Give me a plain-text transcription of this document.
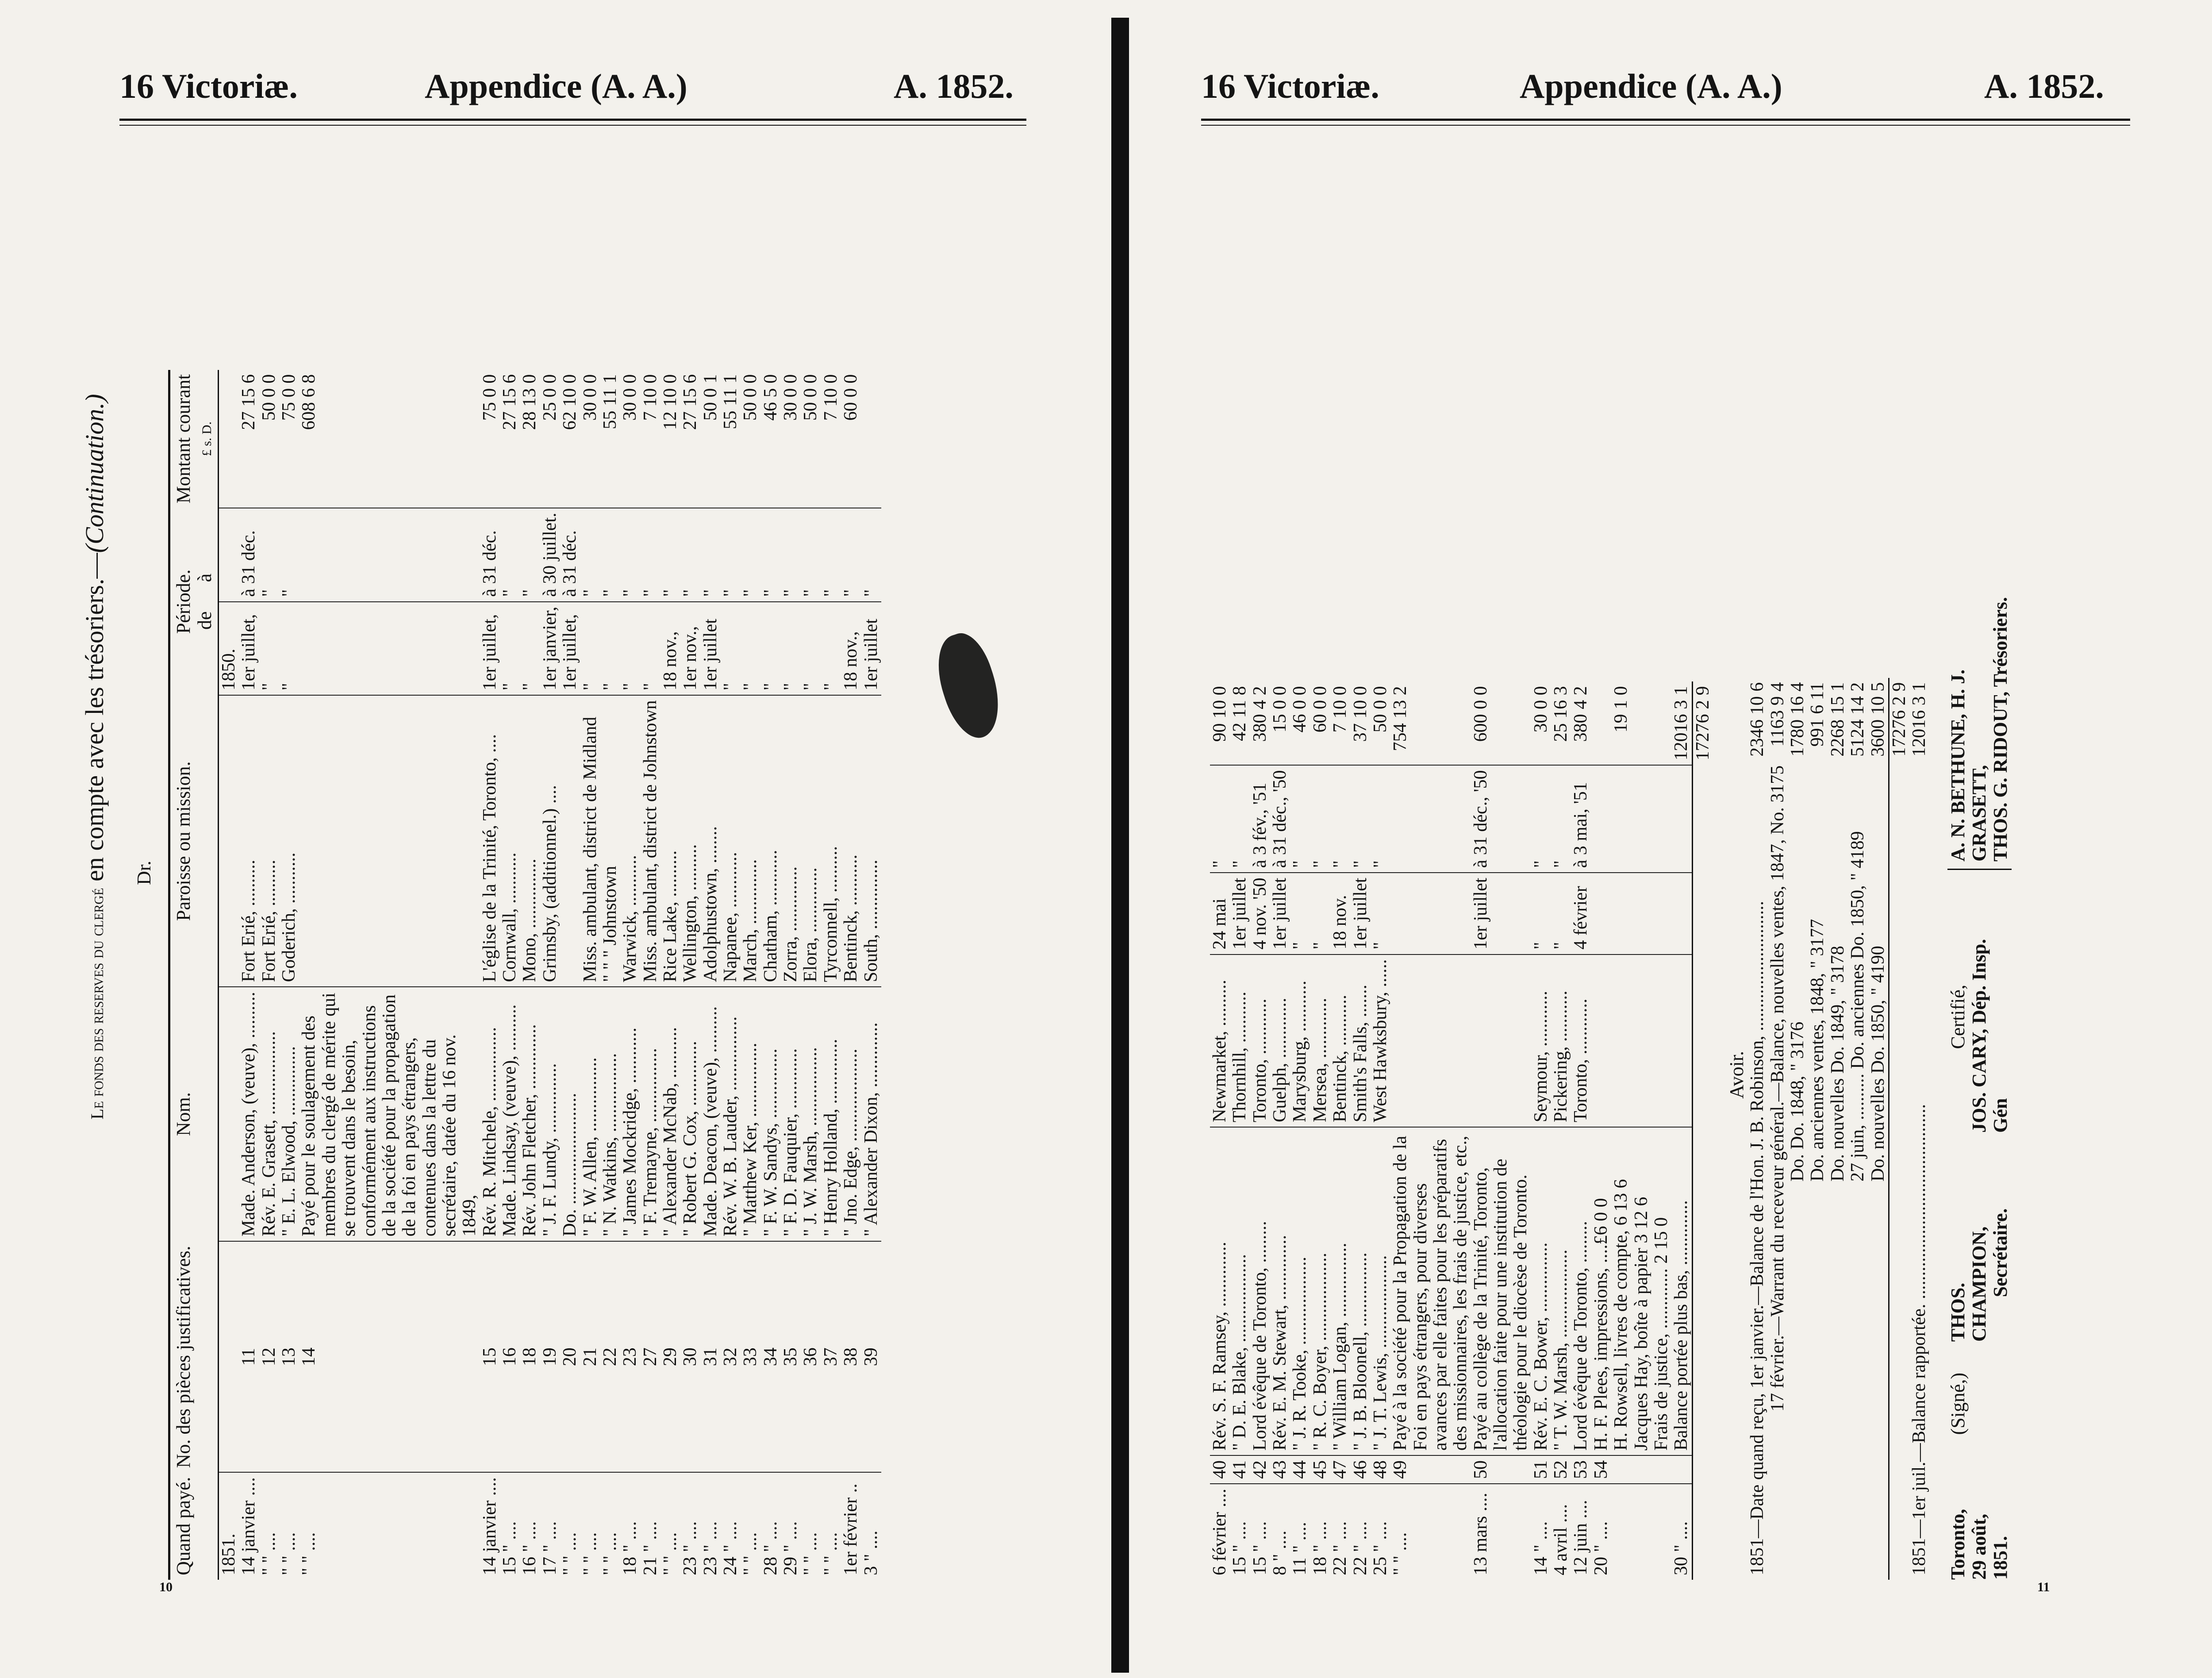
16 Victoriæ.	Appendice (A. A.)	A. 1852.
Le fonds des reserves du clergé en compte avec les trésoriers.—(Continuation.)
Dr.
Quand payé.	No. des pièces justificatives.	Nom.	Paroisse ou mission.	Période.
de      à		Montant courant £ s. D.
1851.				1850.		
14 janvier ....	11	Made. Anderson, (veuve), ..........	Fort Erié, ..........	1er juillet,	à 31 déc.	27 15 6
" " ....	12	Rév. E. Grasett, ..................	Fort Erié, ..........	"	"	50 0 0
" " ....	13	" E. L. Elwood, ...............	Goderich, ...........	"	"	75 0 0
" " ....	14	Payé pour le soulagement des membres du clergé de mérite qui se trouvent dans le besoin, conformément aux instructions de la société pour la propagation de la foi en pays étrangers, contenues dans la lettre du secrétaire, datée du 16 nov. 1849,				608 6 8
14 janvier ....	15	Rév. R. Mitchele, ................	L'église de la Trinité, Toronto, ....	1er juillet,	à 31 déc.	75 0 0
15 " ....	16	Made. Lindsay, (veuve), ..........	Cornwall, ...........	"	"	27 15 6
16 " ....	18	Rév. John Fletcher, ..............	Mono, ...............	"	"	28 13 0
17 " ....	19	" J. F. Lundy, ...............	Grimsby, (additionnel.) ....	1er janvier,	à 30 juillet.	25 0 0
" " ....	20	Do. ........................		1er juillet,	à 31 déc.	62 10 0
" " ....	21	" F. W. Allen, ................	Miss. ambulant, district de Midland	"	"	30 0 0
" " ....	22	" N. Watkins, .................	" " " Johnstown	"	"	55 11 1
18 " ....	23	" James Mockridge, ............	Warwick, ...........	"	"	30 0 0
21 " ....	27	" F. Tremayne, ................	Miss. ambulant, district de Johnstown	"	"	7 10 0
" " ....	29	" Alexander McNab, ...........	Rice Lake, ..........	18 nov.,	"	12 10 0
23 " ....	30	" Robert G. Cox, ..............	Wellington, ..........	1er nov.,	"	27 15 6
23 " ....	31	Made. Deacon, (veuve), ..........	Adolphustown, ........	1er juillet	"	50 0 1
24 " ....	32	Rév. W. B. Lauder, ................	Napanee, ............	"	"	55 11 1
" " ....	33	" Matthew Ker, ................	March, ..............	"	"	50 0 0
28 " ....	34	" F. W. Sandys, ...............	Chatham, ............	"	"	46 5 0
29 " ....	35	" F. D. Fauquier, .............	Zorra, ..............	"	"	30 0 0
" " ....	36	" J. W. Marsh, .................	Elora, ..............	"	"	50 0 0
" " ....	37	" Henry Holland, ..............	Tyrconnell, ..........	"	"	7 10 0
1er février ..	38	" Jno. Edge, ....................	Bentinck, ...........	18 nov.,	"	60 0 0
3 " ....	39	" Alexander Dixon, ..............	South, ...............	1er juillet	"	
10
16 Victoriæ.	Appendice (A. A.)	A. 1852.
6 février ....	40	Rév. S. F. Ramsey, ..............	Newmarket, ..........	24 mai	"	90 10 0
15 " ....	41	" D. E. Blake, ...................	Thornhill, ...........	1er juillet	"	42 11 8
15 " ....	42	Lord évêque de Toronto, .........	Toronto, ............	4 nov. '50	à 3 fév., '51	380 4 2
8 " ....	43	Rév. E. M. Stewart, ..............	Guelph, .............	1er juillet	à 31 déc., '50	15 0 0
11 " ....	44	" J. R. Tooke, ...................	Marysburg, ...........	"	"	46 0 0
18 " ....	45	" R. C. Boyer, ...................	Mersea, .............	"	"	60 0 0
22 " ....	47	" William Logan, ................	Bentinck, ...........	18 nov.	"	7 10 0
22 " ....	46	" J. B. Bloonell, ................	Smith's Falls, .......	1er juillet	"	37 10 0
25 " ....	48	" J. T. Lewis, ....................	West Hawksbury, ......	"	"	50 0 0
" " ....	49	Payé à la société pour la Propagation de la Foi en pays étrangers, pour diverses avances par elle faites pour les préparatifs des missionnaires, les frais de justice, etc.,				754 13 2
13 mars ....	50	Payé au collège de la Trinité, Toronto, l'allocation faite pour une institution de théologie pour le diocèse de Toronto.		1er juillet	à 31 déc., '50	600 0 0
14 " ....	51	Rév. E. C. Bower, ...............	Seymour, ............	"	"	30 0 0
4 avril ....	52	" T. W. Marsh, ...................	Pickering, ...........	"	"	25 16 3
12 juin ....	53	Lord évêque de Toronto, .........	Toronto, ............	4 février	à 3 mai, '51	380 4 2
20 " ....	54	H. F. Plees, impressions, ....£6 0 0				
		H. Rowsell, livres de compte, 6 13 6				19 1 0
		Jacques Hay, boîte à papier 3 12 6				
		Frais de justice, ............. 2 15 0				
30 " ....		Balance portée plus bas, ..............				12016 3 1
						17276 2 9
Avoir. 1851—Date quand reçu, 1er janvier.—Balance de l'Hon. J. B. Robinson, ............................	2346 10 6
17 février.—Warrant du receveur général.—Balance, nouvelles ventes, 1847, No. 3175	1163 9 4
Do. Do. 1848, " 3176	1780 16 4
Do. anciennes ventes, 1848, " 3177	991 6 11
Do. nouvelles Do. 1849, " 3178	2268 15 1
27 juin, .......... Do. anciennes Do. 1850, " 4189	5124 14 2
Do. nouvelles Do. 1850, " 4190	3600 10 5
	17276 2 9
1851—1er juil.—Balance rapportée. ..........................................	12016 3 1
Toronto, 29 août, 1851.
(Signé,)
THOS. CHAMPION, Secrétaire.
Certifié, JOS. CARY, Dép. Insp. Gén
A. N. BETHUNE, H. J. GRASETT, THOS. G. RIDOUT, Trésoriers.
11
